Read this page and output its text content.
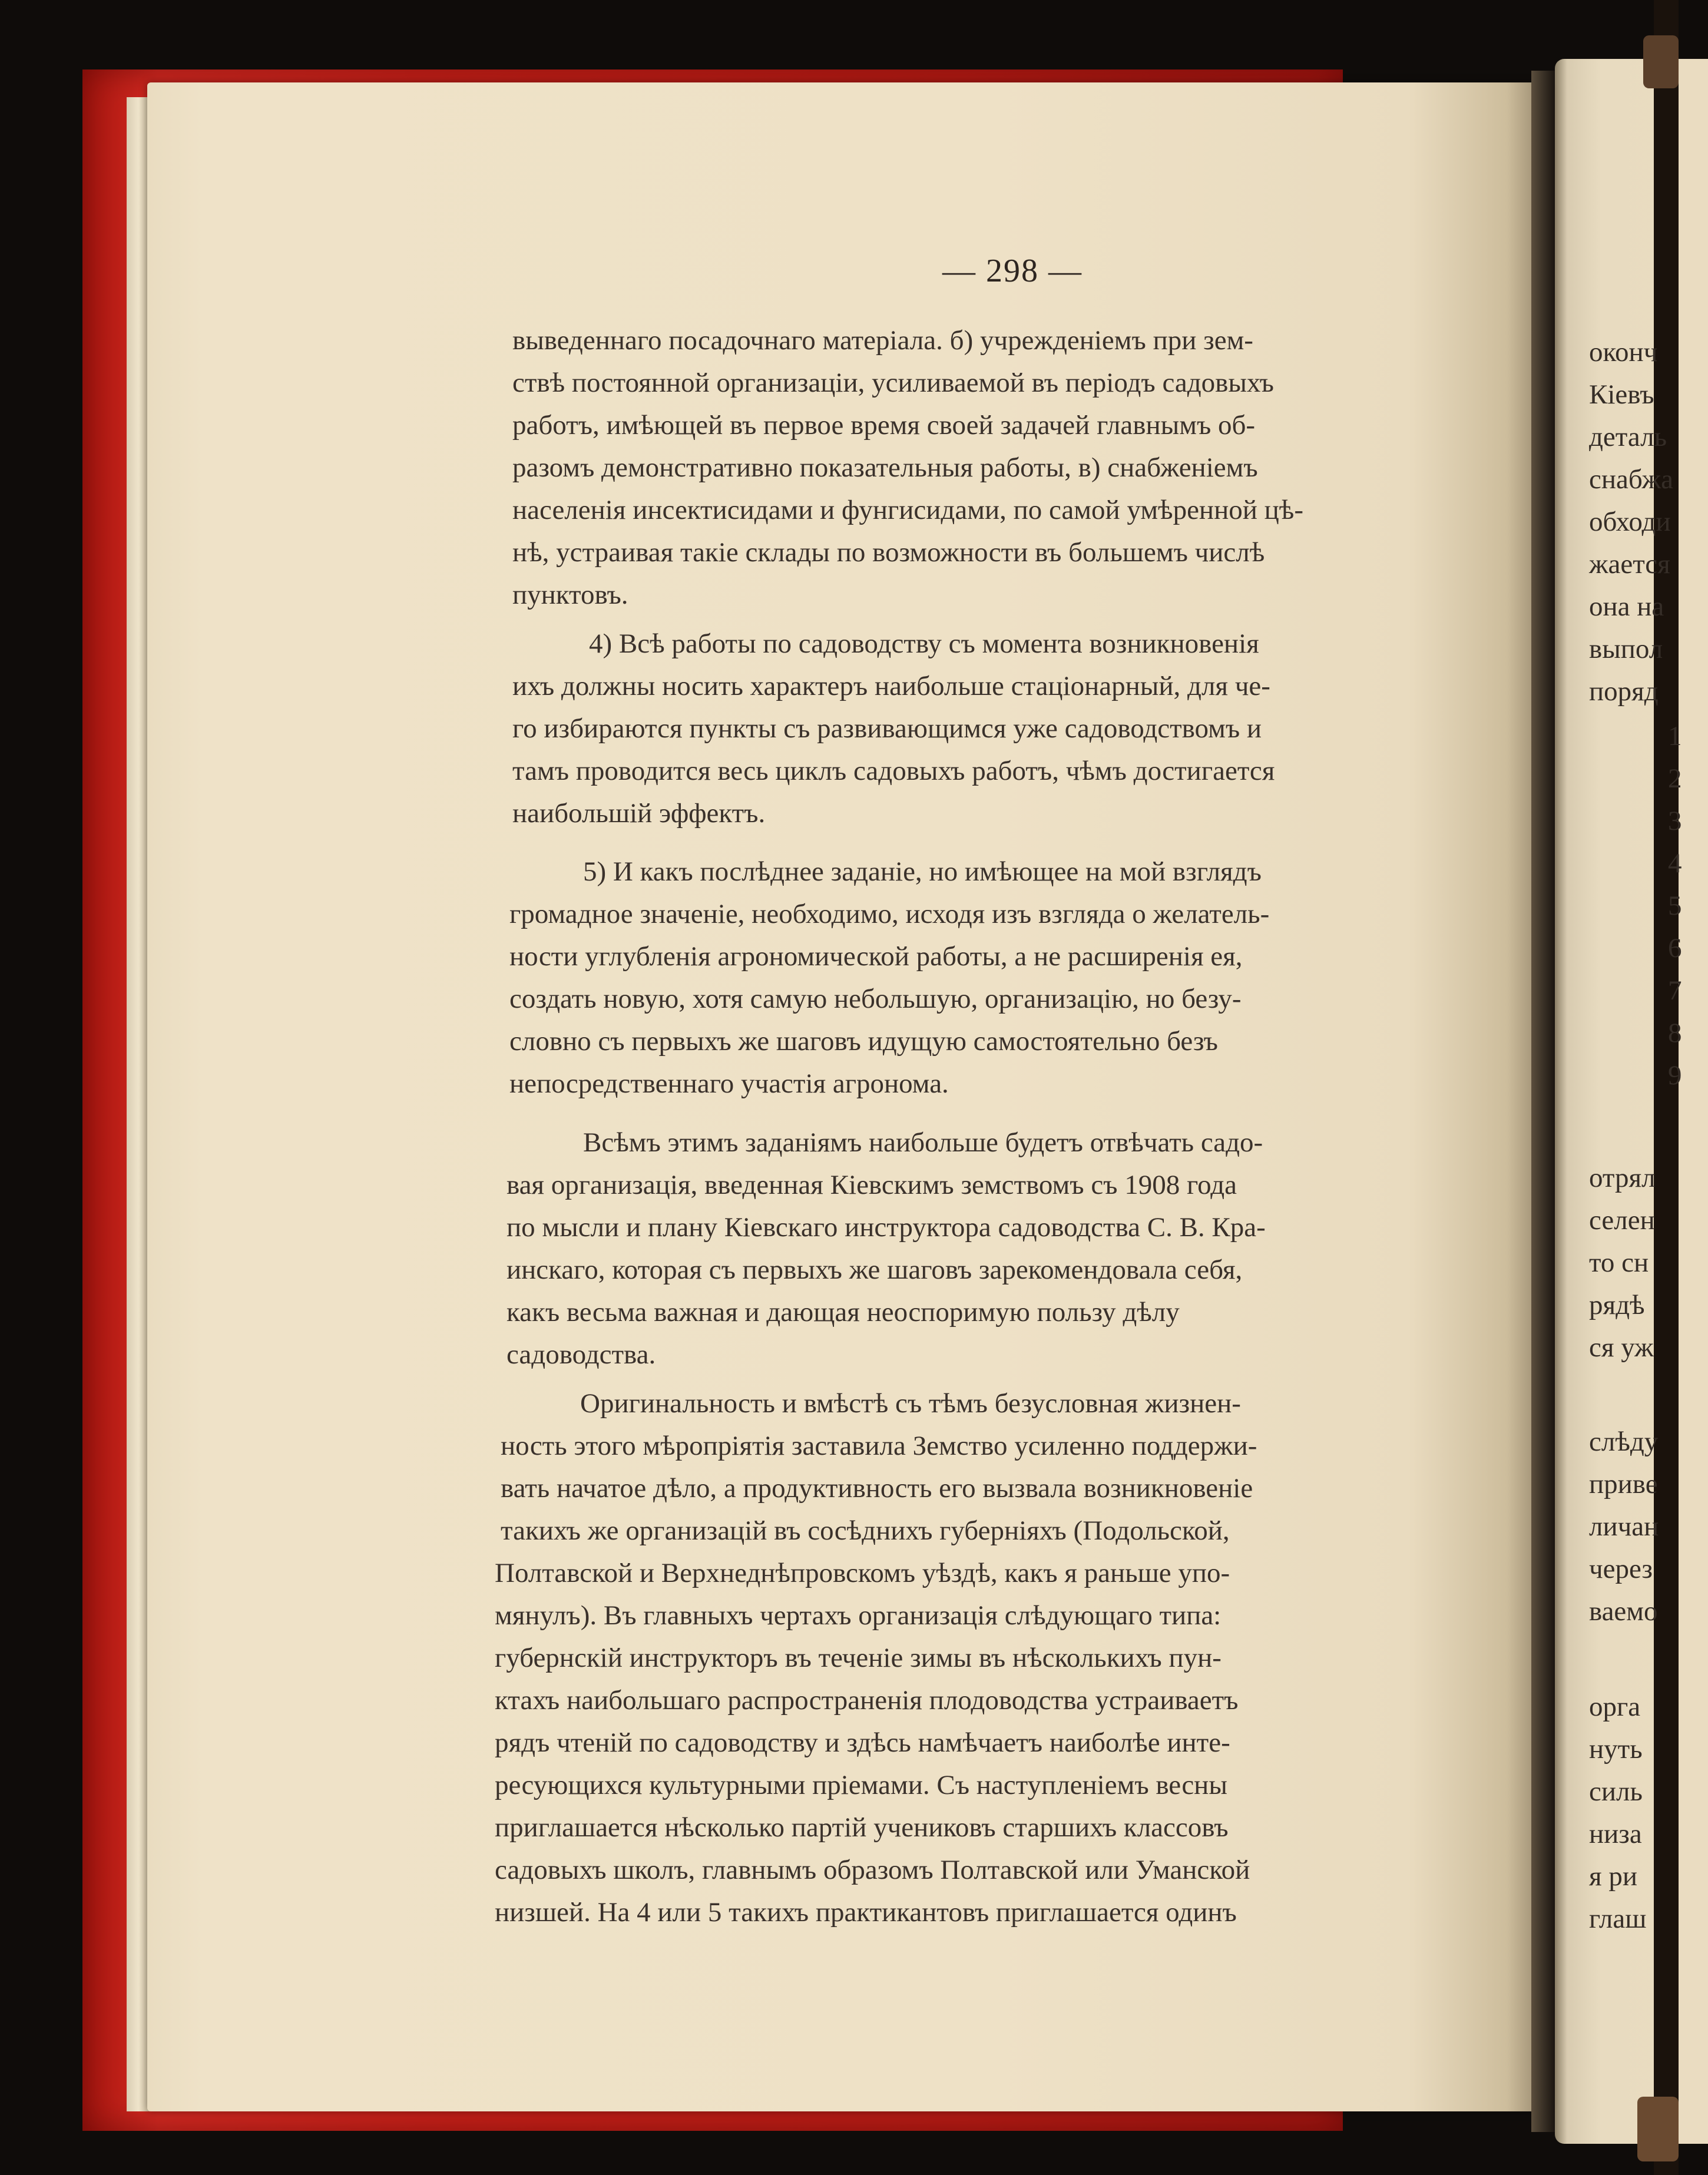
— 298 —
выведеннаго посадочнаго матеріала. б) учрежденіемъ при зем-
ствѣ постоянной организаціи, усиливаемой въ періодъ садовыхъ
работъ, имѣющей въ первое время своей задачей главнымъ об-
разомъ демонстративно показательныя работы, в) снабженіемъ
населенія инсектисидами и фунгисидами, по самой умѣренной цѣ-
нѣ, устраивая такіе склады по возможности въ большемъ числѣ
пунктовъ.
4) Всѣ работы по садоводству съ момента возникновенія
ихъ должны носить характеръ наибольше стаціонарный, для че-
го избираются пункты съ развивающимся уже садоводствомъ и
тамъ проводится весь циклъ садовыхъ работъ, чѣмъ достигается
наибольшій эффектъ.
5) И какъ послѣднее заданіе, но имѣющее на мой взглядъ
громадное значеніе, необходимо, исходя изъ взгляда о желатель-
ности углубленія агрономической работы, а не расширенія ея,
создать новую, хотя самую небольшую, организацію, но безу-
словно съ первыхъ же шаговъ идущую самостоятельно безъ
непосредственнаго участія агронома.
Всѣмъ этимъ заданіямъ наибольше будетъ отвѣчать садо-
вая организація, введенная Кіевскимъ земствомъ съ 1908 года
по мысли и плану Кіевскаго инструктора садоводства С. В. Кра-
инскаго, которая съ первыхъ же шаговъ зарекомендовала себя,
какъ весьма важная и дающая неоспоримую пользу дѣлу
садоводства.
Оригинальность и вмѣстѣ съ тѣмъ безусловная жизнен-
ность этого мѣропріятія заставила Земство усиленно поддержи-
вать начатое дѣло, а продуктивность его вызвала возникновеніе
такихъ же организацій въ сосѣднихъ губерніяхъ (Подольской,
Полтавской и Верхнеднѣпровскомъ уѣздѣ, какъ я раньше упо-
мянулъ). Въ главныхъ чертахъ организація слѣдующаго типа:
губернскій инструкторъ въ теченіе зимы въ нѣсколькихъ пун-
ктахъ наибольшаго распространенія плодоводства устраиваетъ
рядъ чтеній по садоводству и здѣсь намѣчаетъ наиболѣе инте-
ресующихся культурными пріемами. Съ наступленіемъ весны
приглашается нѣсколько партій учениковъ старшихъ классовъ
садовыхъ школъ, главнымъ образомъ Полтавской или Уманской
низшей. На 4 или 5 такихъ практикантовъ приглашается одинъ
оконч
Кіевъ
деталь
снабжа
обходи
жается
она на
выпол
поряд
1
2
3
4
5
6
7
8
9
отрял
селен
то сн
рядѣ
ся уж
слѣду
приве
личан
через
ваемо
орга
нуть
силь
низа
я ри
глаш
